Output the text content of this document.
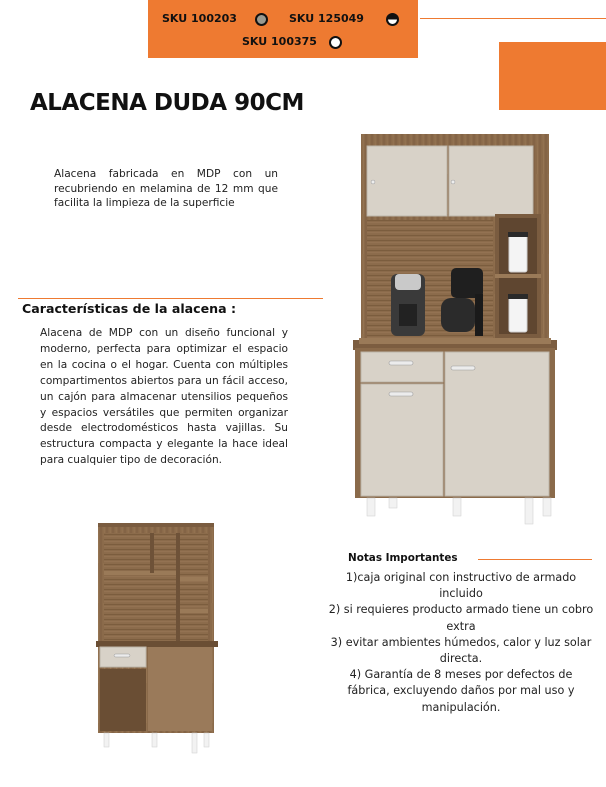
SKU 100203	SKU 125049
SKU 100375
ALACENA DUDA 90CM
Alacena fabricada en MDP con un recubriendo en melamina de 12 mm que facilita la limpieza de la superficie
Características de la alacena :
Alacena de MDP con un diseño funcional y moderno, perfecta para optimizar el espacio en la cocina o el hogar. Cuenta con múltiples compartimentos abiertos para un fácil acceso, un cajón para almacenar utensilios pequeños y espacios versátiles que permiten organizar desde electrodomésticos hasta vajillas. Su estructura compacta y elegante la hace ideal para cualquier tipo de decoración.
Notas Importantes

1)caja original con instructivo de armado incluido

2) si requieres producto armado tiene un cobro extra

3) evitar ambientes húmedos, calor y luz solar directa.

4) Garantía de 8 meses por defectos de fábrica, excluyendo daños por mal uso y manipulación.
